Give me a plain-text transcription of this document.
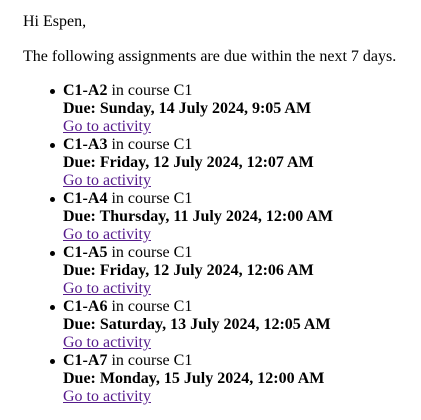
Hi Espen,

The following assignments are due within the next 7 days.

C1-A2 in course C1
Due: Sunday, 14 July 2024, 9:05 AM
Go to activity
C1-A3 in course C1
Due: Friday, 12 July 2024, 12:07 AM
Go to activity
C1-A4 in course C1
Due: Thursday, 11 July 2024, 12:00 AM
Go to activity
C1-A5 in course C1
Due: Friday, 12 July 2024, 12:06 AM
Go to activity
C1-A6 in course C1
Due: Saturday, 13 July 2024, 12:05 AM
Go to activity
C1-A7 in course C1
Due: Monday, 15 July 2024, 12:00 AM
Go to activity
